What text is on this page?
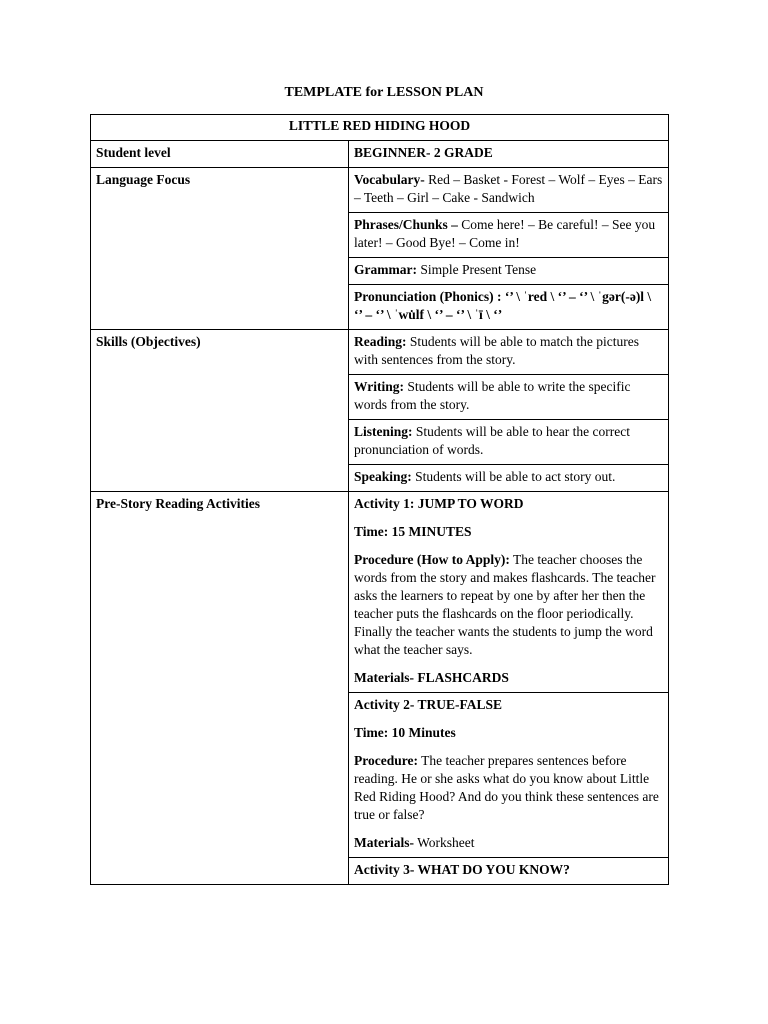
TEMPLATE for LESSON PLAN
LITTLE RED HIDING HOOD	
Student level	BEGINNER- 2 GRADE
Language Focus	Vocabulary- Red – Basket - Forest – Wolf – Eyes – Ears – Teeth – Girl – Cake - Sandwich
	Phrases/Chunks – Come here! – Be careful! – See you later! – Good Bye! – Come in!
	Grammar: Simple Present Tense
	Pronunciation (Phonics) : ‘’ \ ˈred \ ‘’ – ‘’ \ ˈgər(-ə)l \ ‘’ – ‘’ \ ˈwu̇lf \ ‘’ – ‘’ \ ˈī \ ‘’
Skills (Objectives)	Reading: Students will be able to match the pictures with sentences from the story.
	Writing: Students will be able to write the specific words from the story.
	Listening: Students will be able to hear the correct pronunciation of words.
	Speaking: Students will be able to act story out.
Pre-Story Reading Activities	Activity 1: JUMP TO WORD
Time: 15 MINUTES
Procedure (How to Apply): The teacher chooses the words from the story and makes flashcards. The teacher asks the learners to repeat by one by after her then the teacher puts the flashcards on the floor periodically. Finally the teacher wants the students to jump the word what the teacher says.
Materials- FLASHCARDS

	Activity 2- TRUE-FALSE
Time: 10 Minutes
Procedure: The teacher prepares sentences before reading. He or she asks what do you know about Little Red Riding Hood? And do you think these sentences are true or false?
Materials- Worksheet

	Activity 3- WHAT DO YOU KNOW?
